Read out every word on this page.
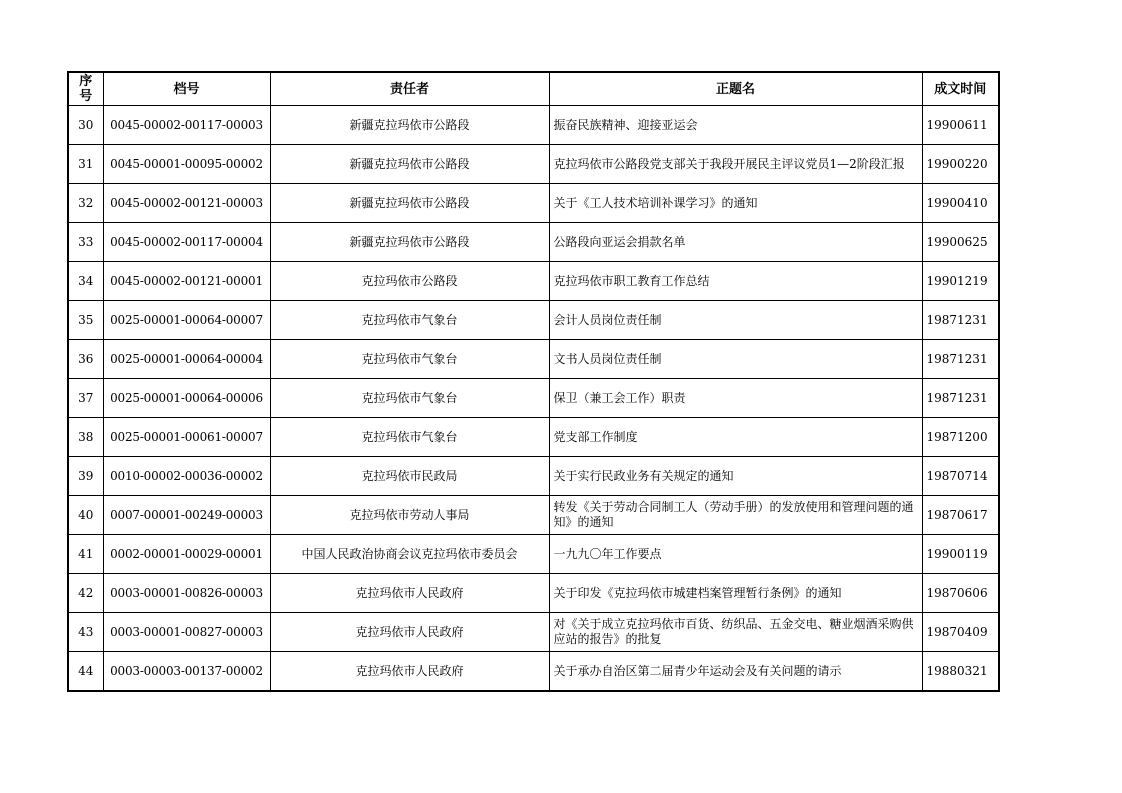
序号	档号	责任者	正题名	成文时间
30	0045-00002-00117-00003	新疆克拉玛依市公路段	振奋民族精神、迎接亚运会	19900611
31	0045-00001-00095-00002	新疆克拉玛依市公路段	克拉玛依市公路段党支部关于我段开展民主评议党员1—2阶段汇报	19900220
32	0045-00002-00121-00003	新疆克拉玛依市公路段	关于《工人技术培训补课学习》的通知	19900410
33	0045-00002-00117-00004	新疆克拉玛依市公路段	公路段向亚运会捐款名单	19900625
34	0045-00002-00121-00001	克拉玛依市公路段	克拉玛依市职工教育工作总结	19901219
35	0025-00001-00064-00007	克拉玛依市气象台	会计人员岗位责任制	19871231
36	0025-00001-00064-00004	克拉玛依市气象台	文书人员岗位责任制	19871231
37	0025-00001-00064-00006	克拉玛依市气象台	保卫（兼工会工作）职责	19871231
38	0025-00001-00061-00007	克拉玛依市气象台	党支部工作制度	19871200
39	0010-00002-00036-00002	克拉玛依市民政局	关于实行民政业务有关规定的通知	19870714
40	0007-00001-00249-00003	克拉玛依市劳动人事局	转发《关于劳动合同制工人（劳动手册）的发放使用和管理问题的通知》的通知	19870617
41	0002-00001-00029-00001	中国人民政治协商会议克拉玛依市委员会	一九九〇年工作要点	19900119
42	0003-00001-00826-00003	克拉玛依市人民政府	关于印发《克拉玛依市城建档案管理暂行条例》的通知	19870606
43	0003-00001-00827-00003	克拉玛依市人民政府	对《关于成立克拉玛依市百货、纺织品、五金交电、糖业烟酒采购供应站的报告》的批复	19870409
44	0003-00003-00137-00002	克拉玛依市人民政府	关于承办自治区第二届青少年运动会及有关问题的请示	19880321
